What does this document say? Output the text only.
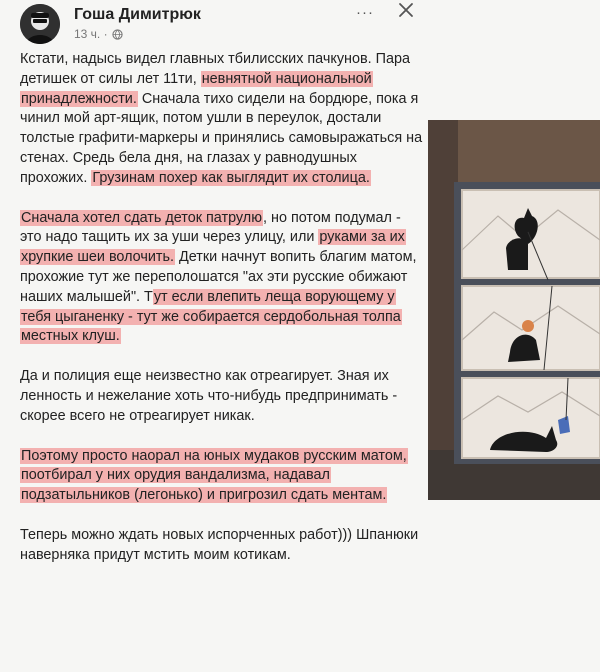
Гоша Димитрюк
13 ч. ·
···

Кстати, надысь видел главных тбилисских пачкунов. Пара детишек от силы лет 11ти, невнятной национальной принадлежности. Сначала тихо сидели на бордюре, пока я чинил мой арт-ящик, потом ушли в переулок, достали толстые графити-маркеры и принялись самовыражаться на стенах. Средь бела дня, на глазах у равнодушных прохожих. Грузинам похер как выглядит их столица.

Сначала хотел сдать деток патрулю, но потом подумал - это надо тащить их за уши через улицу, или руками за их хрупкие шеи волочить. Детки начнут вопить благим матом, прохожие тут же переполошатся "ах эти русские обижают наших малышей". Тут если влепить леща ворующему у тебя цыганенку - тут же собирается сердобольная толпа местных клуш.

Да и полиция еще неизвестно как отреагирует. Зная их ленность и нежелание хоть что-нибудь предпринимать - скорее всего не отреагирует никак.

Поэтому просто наорал на юных мудаков русским матом, поотбирал у них орудия вандализма, надавал подзатыльников (легонько) и пригрозил сдать ментам.

Теперь можно ждать новых испорченных работ))) Шпанюки наверняка придут мстить моим котикам.
